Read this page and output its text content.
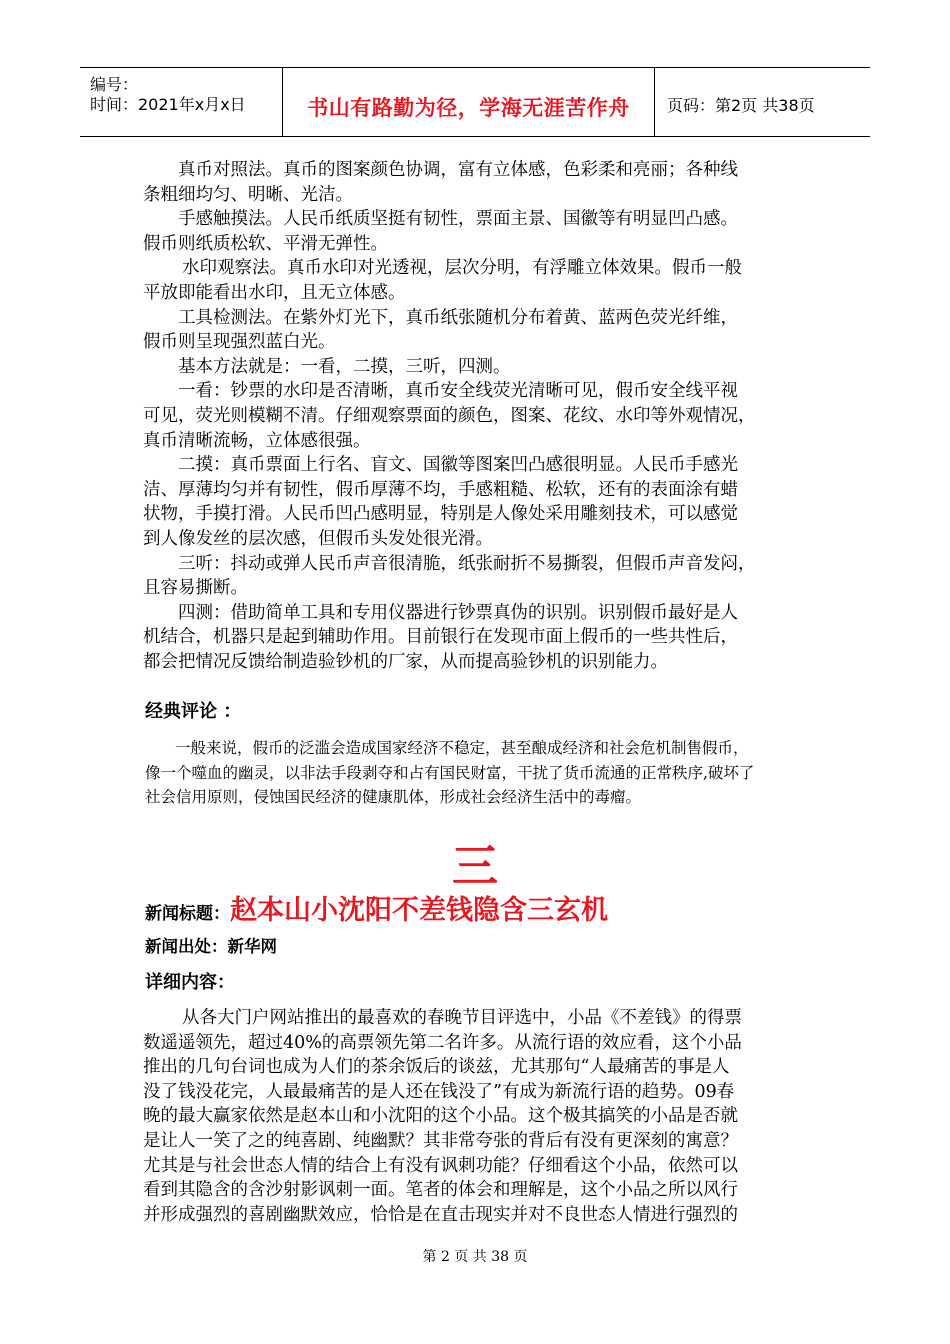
编号：
时间：2021年x月x日	书山有路勤为径，学海无涯苦作舟	页码：第2页 共38页

真币对照法。真币的图案颜色协调，富有立体感，色彩柔和亮丽；各种线

条粗细均匀、明晰、光洁。

手感触摸法。人民币纸质坚挺有韧性，票面主景、国徽等有明显凹凸感。

假币则纸质松软、平滑无弹性。

水印观察法。真币水印对光透视，层次分明，有浮雕立体效果。假币一般

平放即能看出水印，且无立体感。

工具检测法。在紫外灯光下，真币纸张随机分布着黄、蓝两色荧光纤维，

假币则呈现强烈蓝白光。

基本方法就是：一看，二摸，三听，四测。

一看：钞票的水印是否清晰，真币安全线荧光清晰可见，假币安全线平视

可见，荧光则模糊不清。仔细观察票面的颜色，图案、花纹、水印等外观情况，

真币清晰流畅，立体感很强。

二摸：真币票面上行名、盲文、国徽等图案凹凸感很明显。人民币手感光

洁、厚薄均匀并有韧性，假币厚薄不均，手感粗糙、松软，还有的表面涂有蜡

状物，手摸打滑。人民币凹凸感明显，特别是人像处采用雕刻技术，可以感觉

到人像发丝的层次感，但假币头发处很光滑。

三听：抖动或弹人民币声音很清脆，纸张耐折不易撕裂，但假币声音发闷，

且容易撕断。

四测：借助简单工具和专用仪器进行钞票真伪的识别。识别假币最好是人

机结合，机器只是起到辅助作用。目前银行在发现市面上假币的一些共性后，

都会把情况反馈给制造验钞机的厂家，从而提高验钞机的识别能力。

经典评论 ：

一般来说，假币的泛滥会造成国家经济不稳定，甚至酿成经济和社会危机制售假币，

像一个噬血的幽灵，以非法手段剥夺和占有国民财富，干扰了货币流通的正常秩序,破坏了

社会信用原则，侵蚀国民经济的健康肌体，形成社会经济生活中的毒瘤。

三
新闻标题：赵本山小沈阳不差钱隐含三玄机
新闻出处：新华网
详细内容：

从各大门户网站推出的最喜欢的春晚节目评选中，小品《不差钱》的得票

数遥遥领先，超过40%的高票领先第二名许多。从流行语的效应看，这个小品

推出的几句台词也成为人们的茶余饭后的谈兹，尤其那句“人最痛苦的事是人

没了钱没花完，人最最痛苦的是人还在钱没了”有成为新流行语的趋势。09春

晚的最大赢家依然是赵本山和小沈阳的这个小品。这个极其搞笑的小品是否就

是让人一笑了之的纯喜剧、纯幽默？其非常夸张的背后有没有更深刻的寓意？

尤其是与社会世态人情的结合上有没有讽刺功能？仔细看这个小品，依然可以

看到其隐含的含沙射影讽刺一面。笔者的体会和理解是，这个小品之所以风行

并形成强烈的喜剧幽默效应，恰恰是在直击现实并对不良世态人情进行强烈的

第 2 页 共 38 页
